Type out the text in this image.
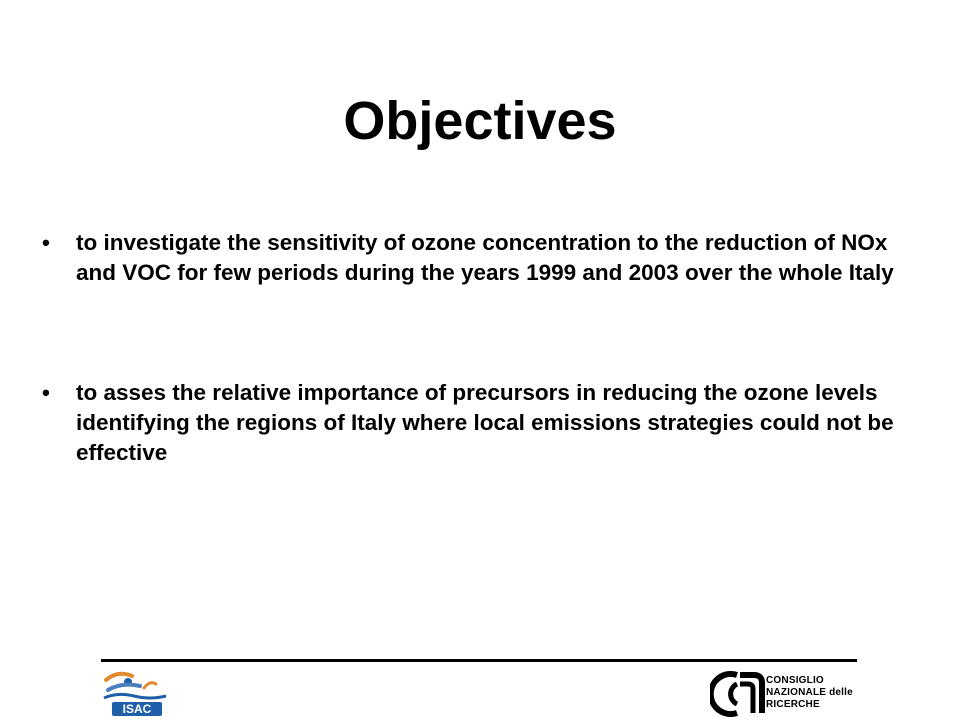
Objectives
•	to investigate the sensitivity of ozone concentration to the reduction of NOx and VOC for few periods during the years 1999 and 2003 over the whole Italy
•	to asses the relative importance of precursors in reducing the ozone levels identifying the regions of Italy where local emissions strategies could not be effective
ISAC
CONSIGLIO
NAZIONALE delle
RICERCHE
